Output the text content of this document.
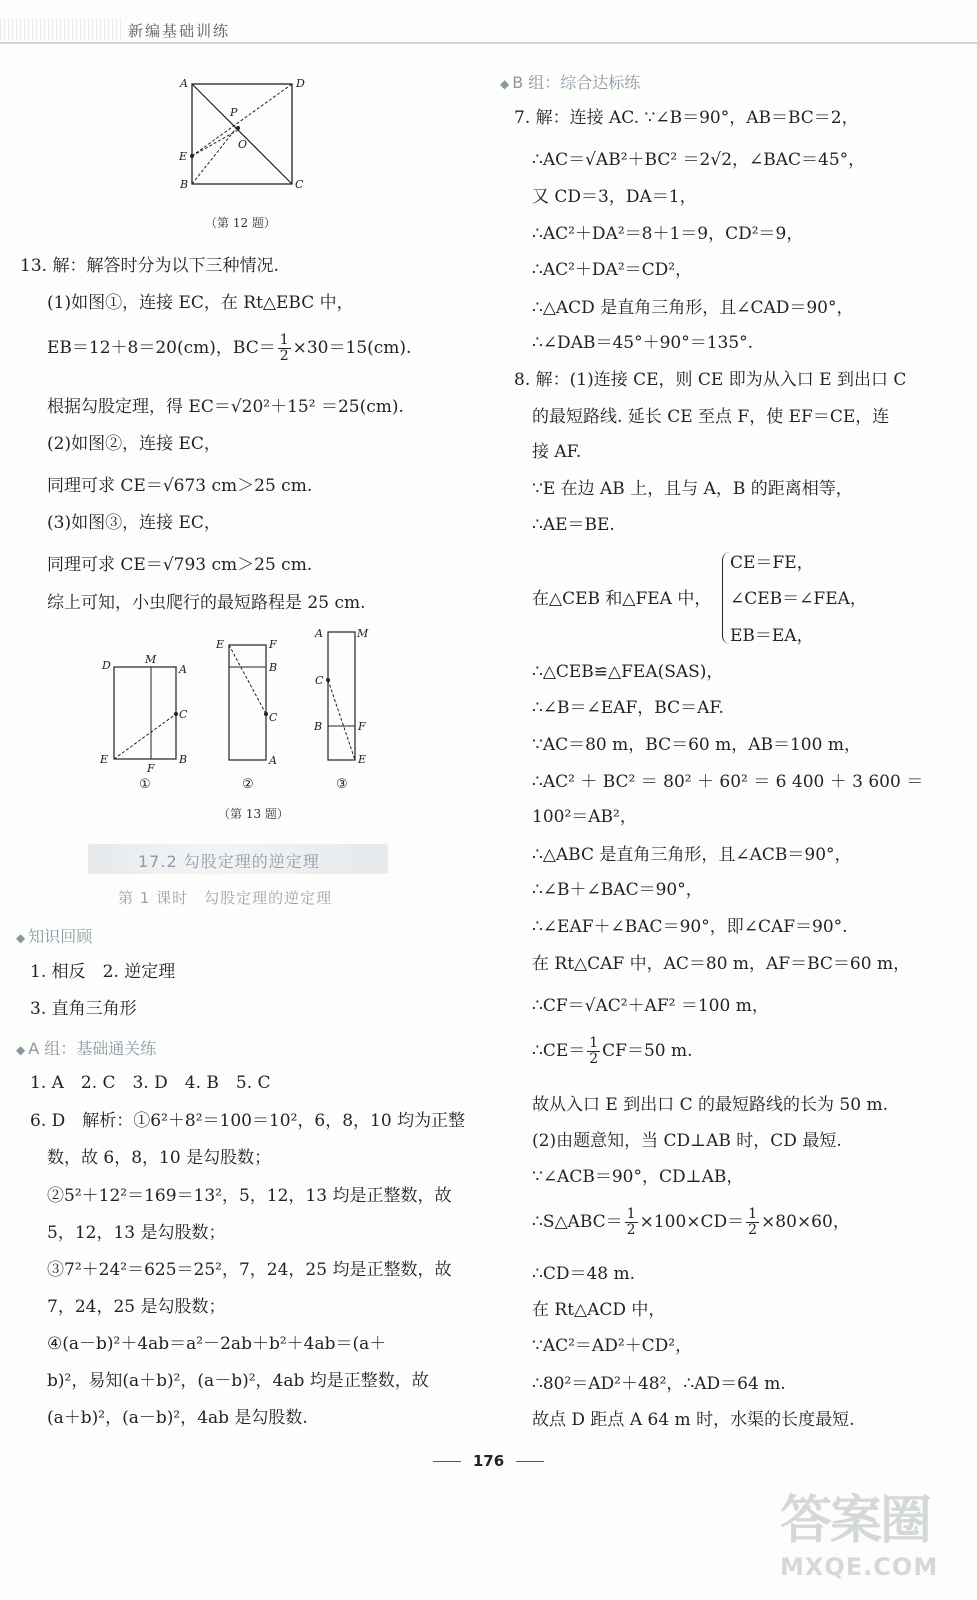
新编基础训练
A	D
B	C
P
O
E
（第 12 题）
13. 解：解答时分为以下三种情况.
(1)如图①，连接 EC，在 Rt△EBC 中，
EB＝12＋8＝20(cm)，$BC= \frac{1}{2} \times 30=15(cm)$.
根据勾股定理，得 EC＝√20²＋15² ＝25(cm).
(2)如图②，连接 EC，
同理可求 CE＝√673 cm＞25 cm.
(3)如图③，连接 EC，
同理可求 CE＝√793 cm＞25 cm.
综上可知，小虫爬行的最短路程是 25 cm.
D	M
A
C
E
F
B
①
E	F
B
C
A
②
A	M
C
B	F
E
③
（第 13 题）
17.2 勾股定理的逆定理
第 1 课时　勾股定理的逆定理
◆ 知识回顾
1. 相反　2. 逆定理
3. 直角三角形
◆ A 组：基础通关练
1. A　2. C　3. D　4. B　5. C
6. D　解析：①6²＋8²＝100＝10²，6，8，10 均为正整
数，故 6，8，10 是勾股数；
②5²＋12²＝169＝13²，5，12，13 均是正整数，故
5，12，13 是勾股数；
③7²＋24²＝625＝25²，7，24，25 均是正整数，故
7，24，25 是勾股数；
④(a－b)²＋4ab＝a²－2ab＋b²＋4ab＝(a＋
b)²，易知(a＋b)²，(a－b)²，4ab 均是正整数，故
(a＋b)²，(a－b)²，4ab 是勾股数.
◆ B 组：综合达标练
7. 解：连接 AC. ∵∠B＝90°，AB＝BC＝2，
∴AC＝√AB²＋BC² ＝2√2，∠BAC＝45°，
又 CD＝3，DA＝1，
∴AC²＋DA²＝8＋1＝9，CD²＝9，
∴AC²＋DA²＝CD²，
∴△ACD 是直角三角形，且∠CAD＝90°，
∴∠DAB＝45°＋90°＝135°.
8. 解：(1)连接 CE，则 CE 即为从入口 E 到出口 C
的最短路线. 延长 CE 至点 F，使 EF＝CE，连
接 AF.
∵E 在边 AB 上，且与 A，B 的距离相等，
∴AE＝BE.
在△CEB 和△FEA 中，
CE＝FE，
∠CEB＝∠FEA，
EB＝EA，
∴△CEB≌△FEA(SAS)，
∴∠B＝∠EAF，BC＝AF.
∵AC＝80 m，BC＝60 m，AB＝100 m，
∴AC² ＋ BC² ＝ 80² ＋ 60² ＝ 6 400 ＋ 3 600 ＝
100²＝AB²，
∴△ABC 是直角三角形，且∠ACB＝90°，
∴∠B＋∠BAC＝90°，
∴∠EAF＋∠BAC＝90°，即∠CAF＝90°.
在 Rt△CAF 中，AC＝80 m，AF＝BC＝60 m，
∴CF＝√AC²＋AF² ＝100 m，
∴CE＝ $\frac{1}{2} CF=50$ m.
故从入口 E 到出口 C 的最短路线的长为 50 m.
(2)由题意知，当 CD⊥AB 时，CD 最短.
∵∠ACB＝90°，CD⊥AB，
∴S△ABC＝ $\frac{1}{2} \times 100\times CD= \frac{1}{2} \times 80\times 60$，
∴CD＝48 m.
在 Rt△ACD 中，
∵AC²＝AD²＋CD²，
∴80²＝AD²＋48²，∴AD＝64 m.
故点 D 距点 A 64 m 时，水渠的长度最短.
176
答案圈
MXQE.COM
